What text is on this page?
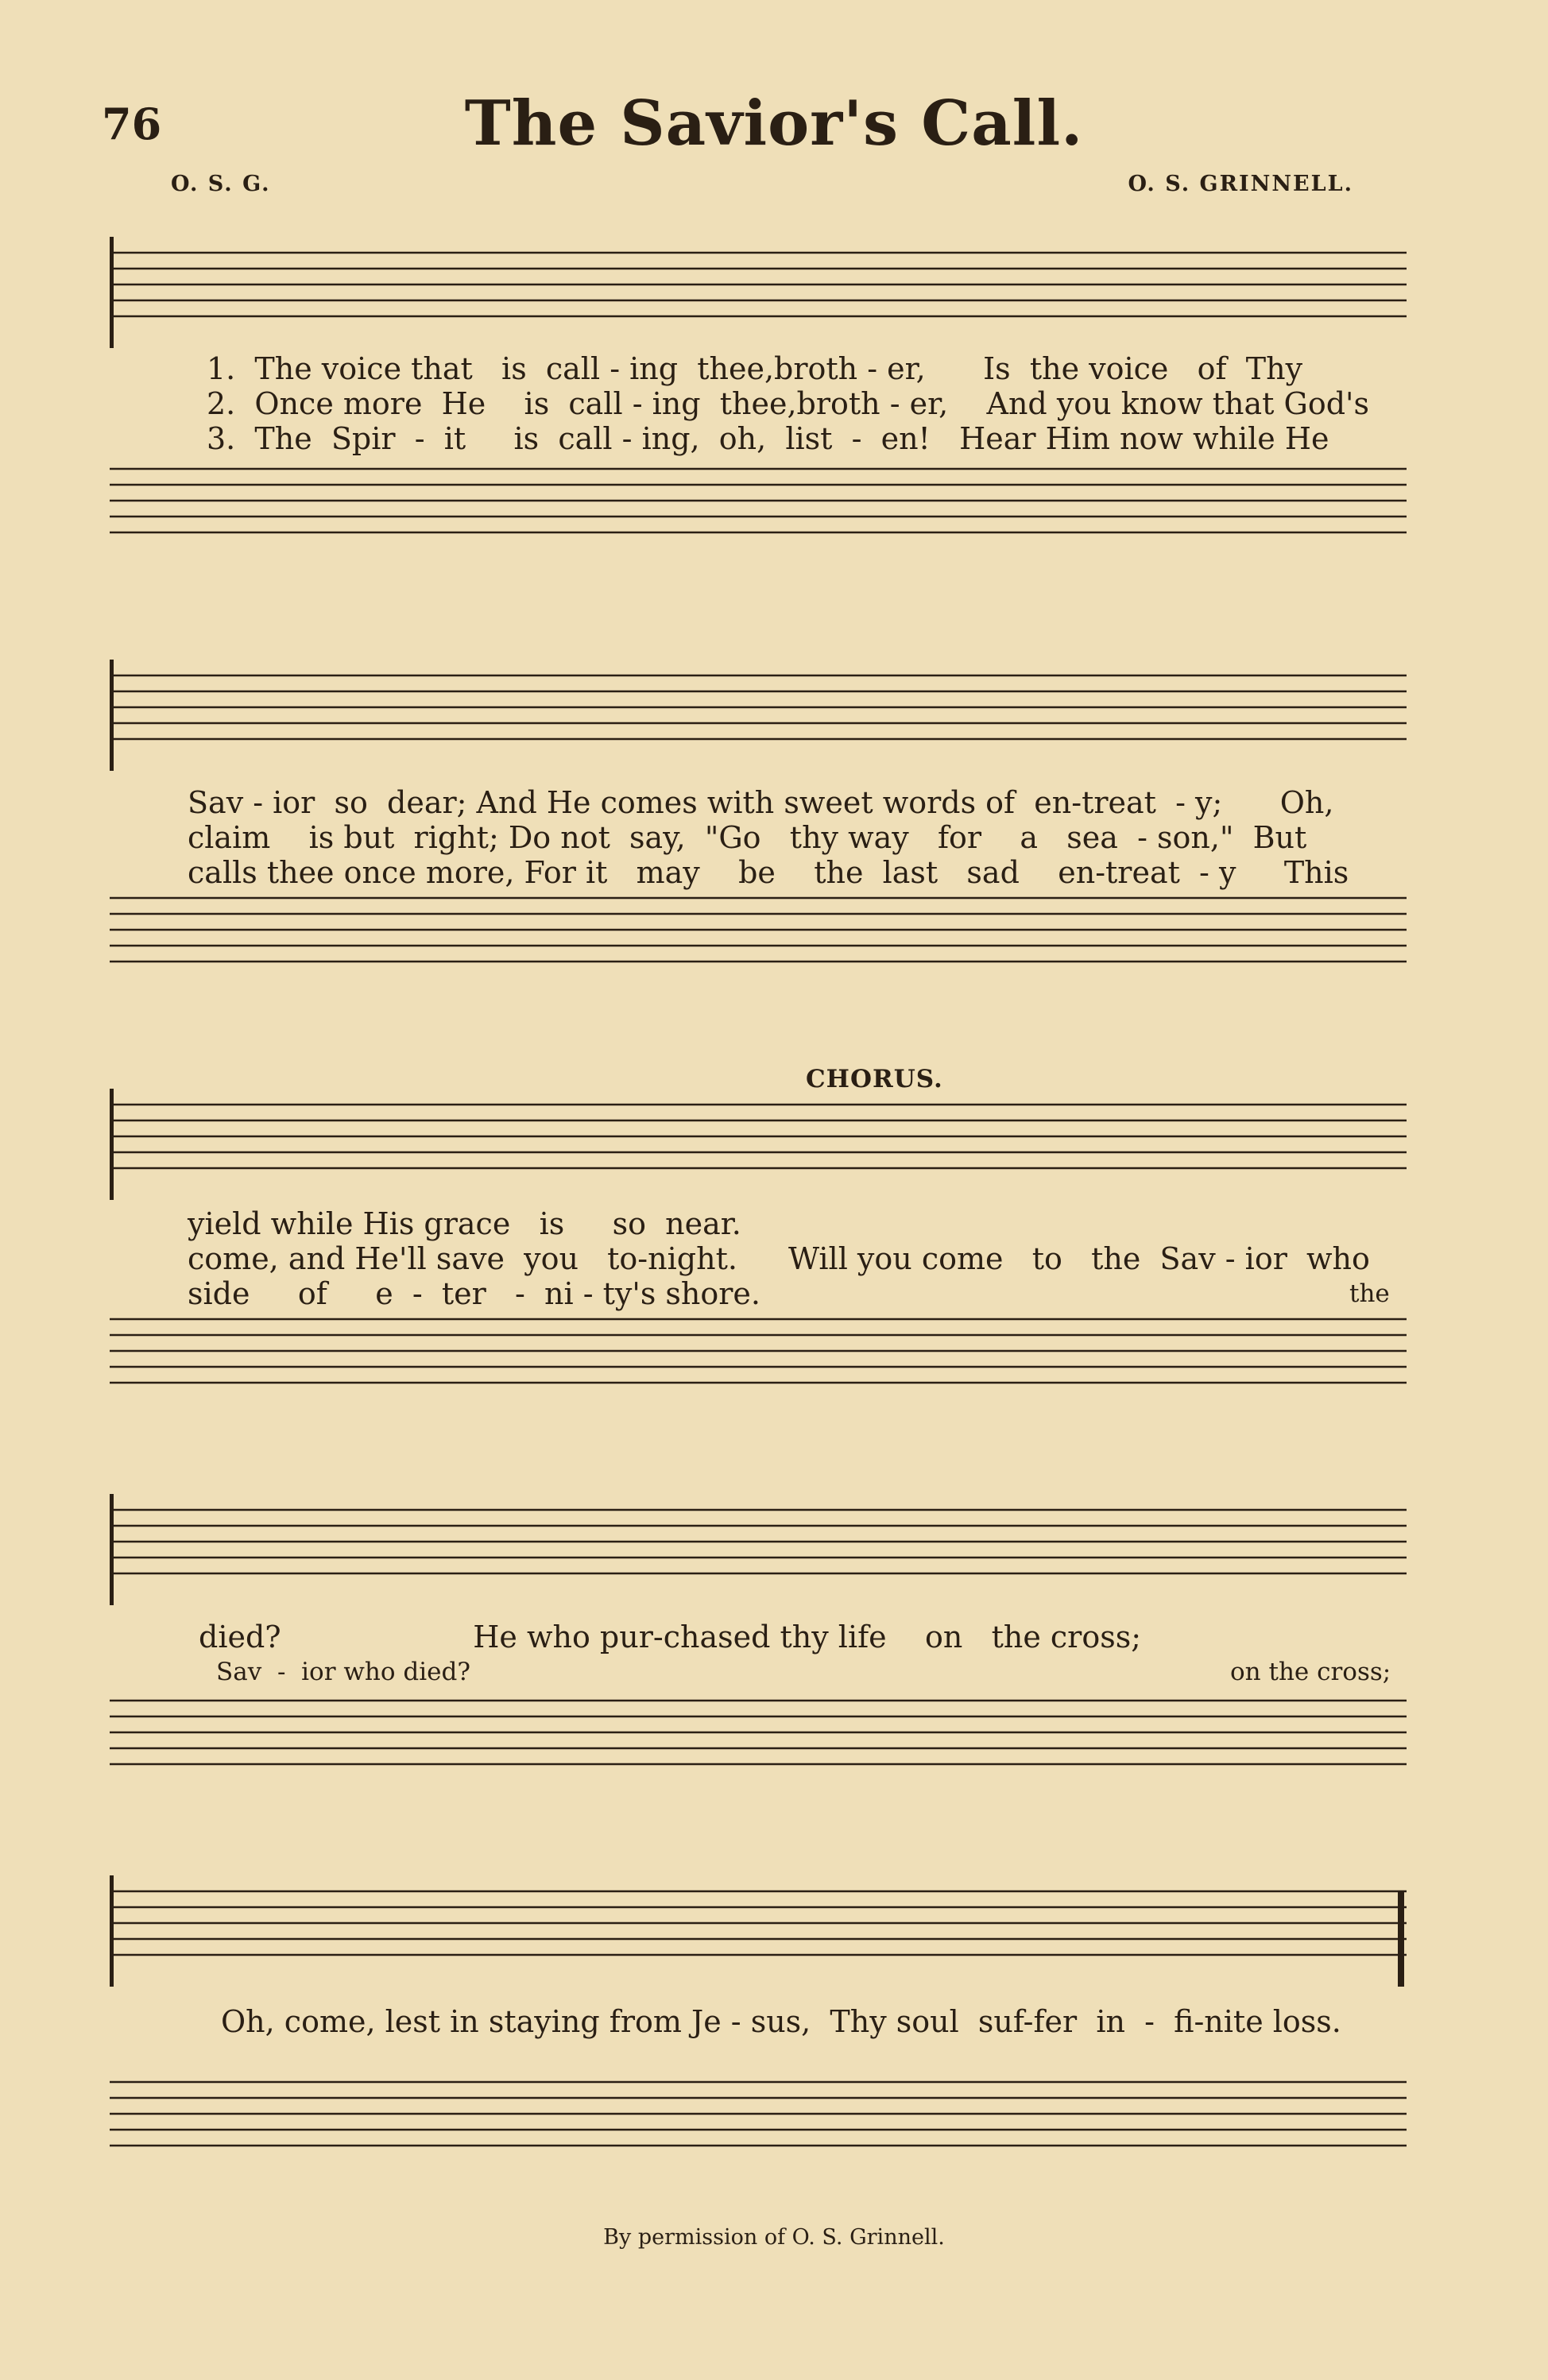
76	The Savior's Call.
O. S. G.	O. S. GRINNELL.
1.  The voice that   is  call - ing  thee,broth - er,      Is  the voice   of  Thy
2.  Once more  He    is  call - ing  thee,broth - er,    And you know that God's
3.  The  Spir  -  it     is  call - ing,  oh,  list  -  en!   Hear Him now while He
Sav - ior  so  dear; And He comes with sweet words of  en-treat  - y;      Oh,
claim    is but  right; Do not  say,  "Go   thy way   for    a   sea  - son,"  But
calls thee once more, For it   may    be    the  last   sad    en-treat  - y     This
CHORUS.
yield while His grace   is     so  near.
come, and He'll save  you   to-night.
side     of     e  -  ter   -  ni - ty's shore.
Will you come   to   the  Sav - ior  who
the
died?                    He who pur-chased thy life    on   the cross;
Sav  -  ior who died?	on the cross;
Oh, come, lest in staying from Je - sus,  Thy soul  suf-fer  in  -  fi-nite loss.
By permission of O. S. Grinnell.
